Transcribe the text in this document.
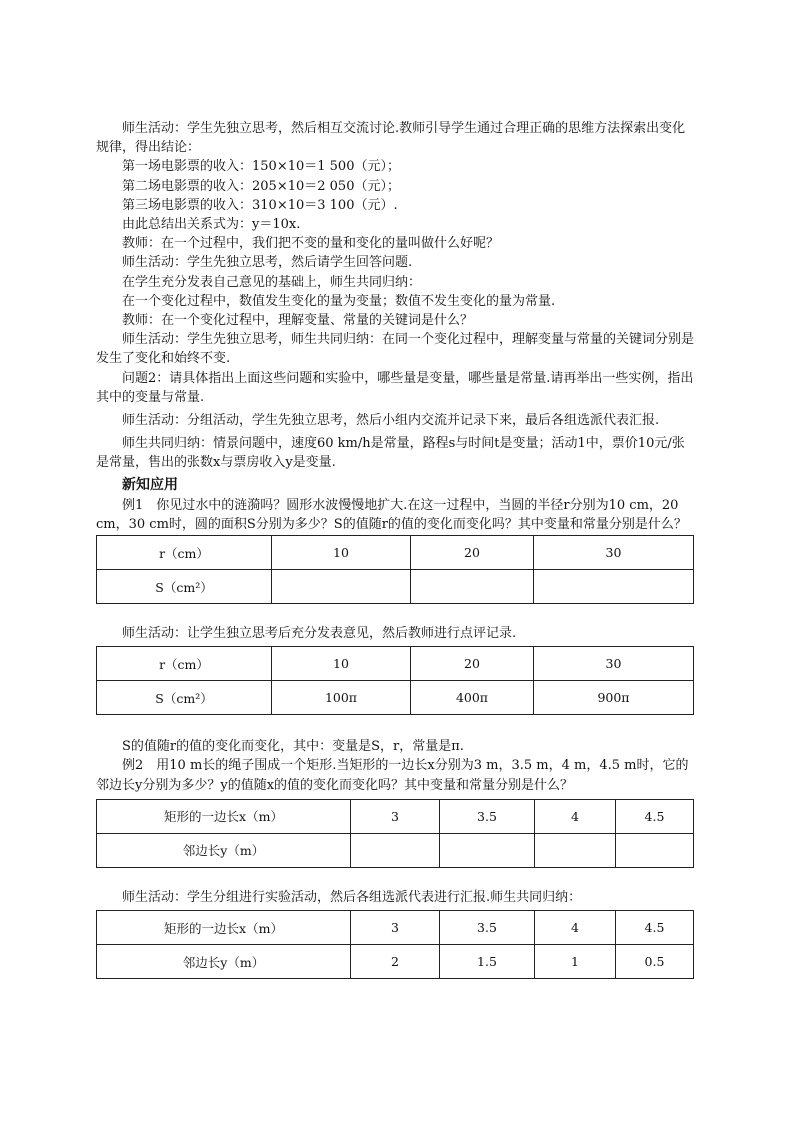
师生活动：学生先独立思考，然后相互交流讨论.教师引导学生通过合理正确的思维方法探索出变化规律，得出结论：

第一场电影票的收入：150×10＝1 500（元）；

第二场电影票的收入：205×10＝2 050（元）；

第三场电影票的收入：310×10＝3 100（元）.

由此总结出关系式为：y＝10x.

教师：在一个过程中，我们把不变的量和变化的量叫做什么好呢？

师生活动：学生先独立思考，然后请学生回答问题.

在学生充分发表自己意见的基础上，师生共同归纳：

在一个变化过程中，数值发生变化的量为变量；数值不发生变化的量为常量.

教师：在一个变化过程中，理解变量、常量的关键词是什么？

师生活动：学生先独立思考，师生共同归纳：在同一个变化过程中，理解变量与常量的关键词分别是发生了变化和始终不变.

问题2：请具体指出上面这些问题和实验中，哪些量是变量，哪些量是常量.请再举出一些实例，指出其中的变量与常量.

师生活动：分组活动，学生先独立思考，然后小组内交流并记录下来，最后各组选派代表汇报.

师生共同归纳：情景问题中，速度60 km/h是常量，路程s与时间t是变量；活动1中，票价10元/张是常量，售出的张数x与票房收入y是变量.

新知应用

例1　你见过水中的涟漪吗？圆形水波慢慢地扩大.在这一过程中，当圆的半径r分别为10 cm，20 cm，30 cm时，圆的面积S分别为多少？S的值随r的值的变化而变化吗？其中变量和常量分别是什么？

r（cm）	10	20	30
S（cm²）			

师生活动：让学生独立思考后充分发表意见，然后教师进行点评记录.

r（cm）	10	20	30
S（cm²）	100π	400π	900π

S的值随r的值的变化而变化，其中：变量是S，r，常量是π.

例2　用10 m长的绳子围成一个矩形.当矩形的一边长x分别为3 m，3.5 m，4 m，4.5 m时，它的邻边长y分别为多少？y的值随x的值的变化而变化吗？其中变量和常量分别是什么？

矩形的一边长x（m）	3	3.5	4	4.5
邻边长y（m）				

师生活动：学生分组进行实验活动，然后各组选派代表进行汇报.师生共同归纳：

矩形的一边长x（m）	3	3.5	4	4.5
邻边长y（m）	2	1.5	1	0.5
